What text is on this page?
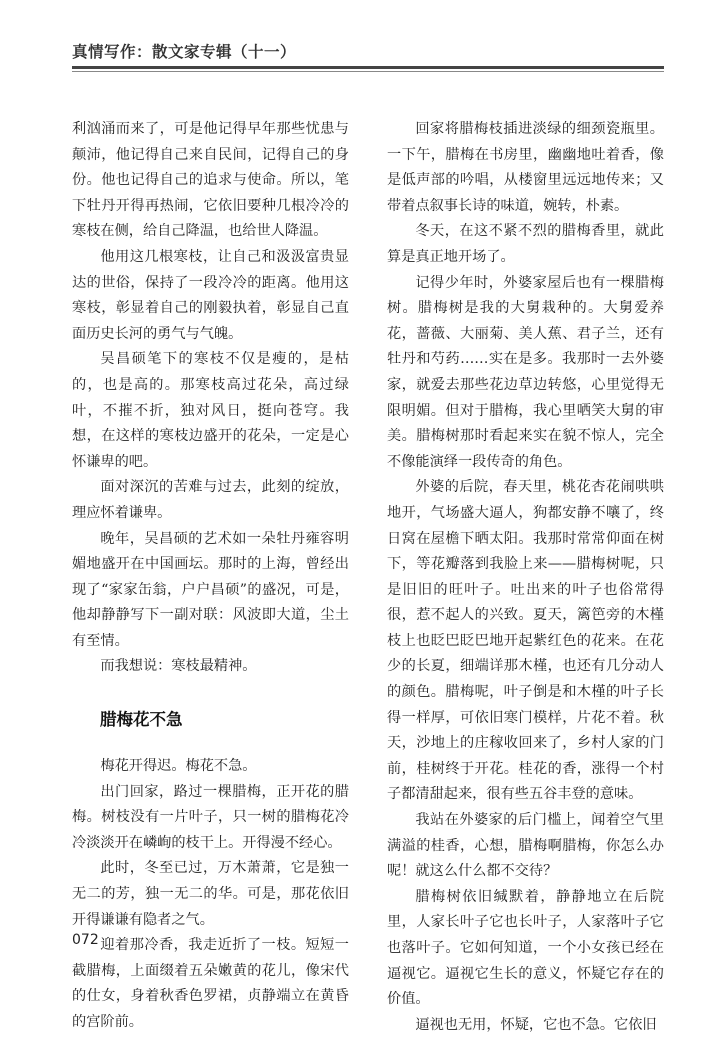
真情写作：散文家专辑（十一）

利汹涌而来了，可是他记得早年那些忧患与颠沛，他记得自己来自民间，记得自己的身份。他也记得自己的追求与使命。所以，笔下牡丹开得再热闹，它依旧要种几根冷冷的寒枝在侧，给自己降温，也给世人降温。

他用这几根寒枝，让自己和汲汲富贵显达的世俗，保持了一段冷冷的距离。他用这寒枝，彰显着自己的刚毅执着，彰显自己直面历史长河的勇气与气魄。

吴昌硕笔下的寒枝不仅是瘦的，是枯的，也是高的。那寒枝高过花朵，高过绿叶，不摧不折，独对风日，挺向苍穹。我想，在这样的寒枝边盛开的花朵，一定是心怀谦卑的吧。

面对深沉的苦难与过去，此刻的绽放，理应怀着谦卑。

晚年，吴昌硕的艺术如一朵牡丹雍容明媚地盛开在中国画坛。那时的上海，曾经出现了“家家缶翁，户户昌硕”的盛况，可是，他却静静写下一副对联：风波即大道，尘土有至情。

而我想说：寒枝最精神。

腊梅花不急

梅花开得迟。梅花不急。

出门回家，路过一棵腊梅，正开花的腊梅。树枝没有一片叶子，只一树的腊梅花冷冷淡淡开在嶙峋的枝干上。开得漫不经心。

此时，冬至已过，万木萧萧，它是独一无二的芳，独一无二的华。可是，那花依旧开得谦谦有隐者之气。

迎着那冷香，我走近折了一枝。短短一截腊梅，上面缀着五朵嫩黄的花儿，像宋代的仕女，身着秋香色罗裙，贞静端立在黄昏的宫阶前。

回家将腊梅枝插进淡绿的细颈瓷瓶里。一下午，腊梅在书房里，幽幽地吐着香，像是低声部的吟唱，从楼窗里远远地传来；又带着点叙事长诗的味道，婉转，朴素。

冬天，在这不紧不烈的腊梅香里，就此算是真正地开场了。

记得少年时，外婆家屋后也有一棵腊梅树。腊梅树是我的大舅栽种的。大舅爱养花，蔷薇、大丽菊、美人蕉、君子兰，还有牡丹和芍药……实在是多。我那时一去外婆家，就爱去那些花边草边转悠，心里觉得无限明媚。但对于腊梅，我心里哂笑大舅的审美。腊梅树那时看起来实在貌不惊人，完全不像能演绎一段传奇的角色。

外婆的后院，春天里，桃花杏花闹哄哄地开，气场盛大逼人，狗都安静不嚷了，终日窝在屋檐下晒太阳。我那时常常仰面在树下，等花瓣落到我脸上来——腊梅树呢，只是旧旧的旺叶子。吐出来的叶子也俗常得很，惹不起人的兴致。夏天，篱笆旁的木槿枝上也眨巴眨巴地开起紫红色的花来。在花少的长夏，细端详那木槿，也还有几分动人的颜色。腊梅呢，叶子倒是和木槿的叶子长得一样厚，可依旧寒门模样，片花不着。秋天，沙地上的庄稼收回来了，乡村人家的门前，桂树终于开花。桂花的香，涨得一个村子都清甜起来，很有些五谷丰登的意味。

我站在外婆家的后门槛上，闻着空气里满溢的桂香，心想，腊梅啊腊梅，你怎么办呢！就这么什么都不交待？

腊梅树依旧缄默着，静静地立在后院里，人家长叶子它也长叶子，人家落叶子它也落叶子。它如何知道，一个小女孩已经在逼视它。逼视它生长的意义，怀疑它存在的价值。

逼视也无用，怀疑，它也不急。它依旧

072
